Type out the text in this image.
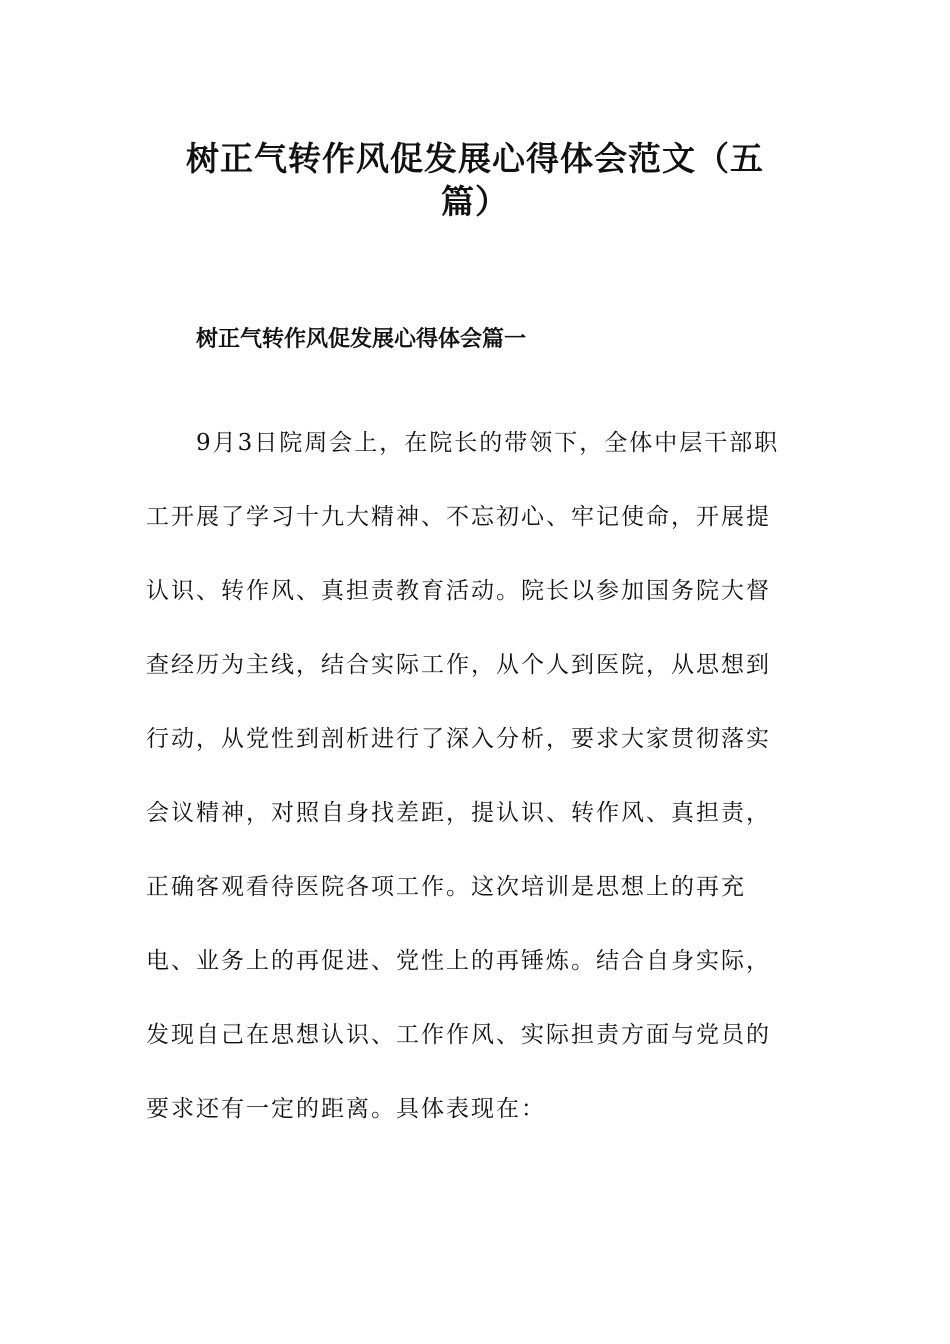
树正气转作风促发展心得体会范文（五
篇）
树正气转作风促发展心得体会篇一

　　9月3日院周会上，在院长的带领下，全体中层干部职

工开展了学习十九大精神、不忘初心、牢记使命，开展提

认识、转作风、真担责教育活动。院长以参加国务院大督

查经历为主线，结合实际工作，从个人到医院，从思想到

行动，从党性到剖析进行了深入分析，要求大家贯彻落实

会议精神，对照自身找差距，提认识、转作风、真担责，

正确客观看待医院各项工作。这次培训是思想上的再充

电、业务上的再促进、党性上的再锤炼。结合自身实际，

发现自己在思想认识、工作作风、实际担责方面与党员的

要求还有一定的距离。具体表现在：
